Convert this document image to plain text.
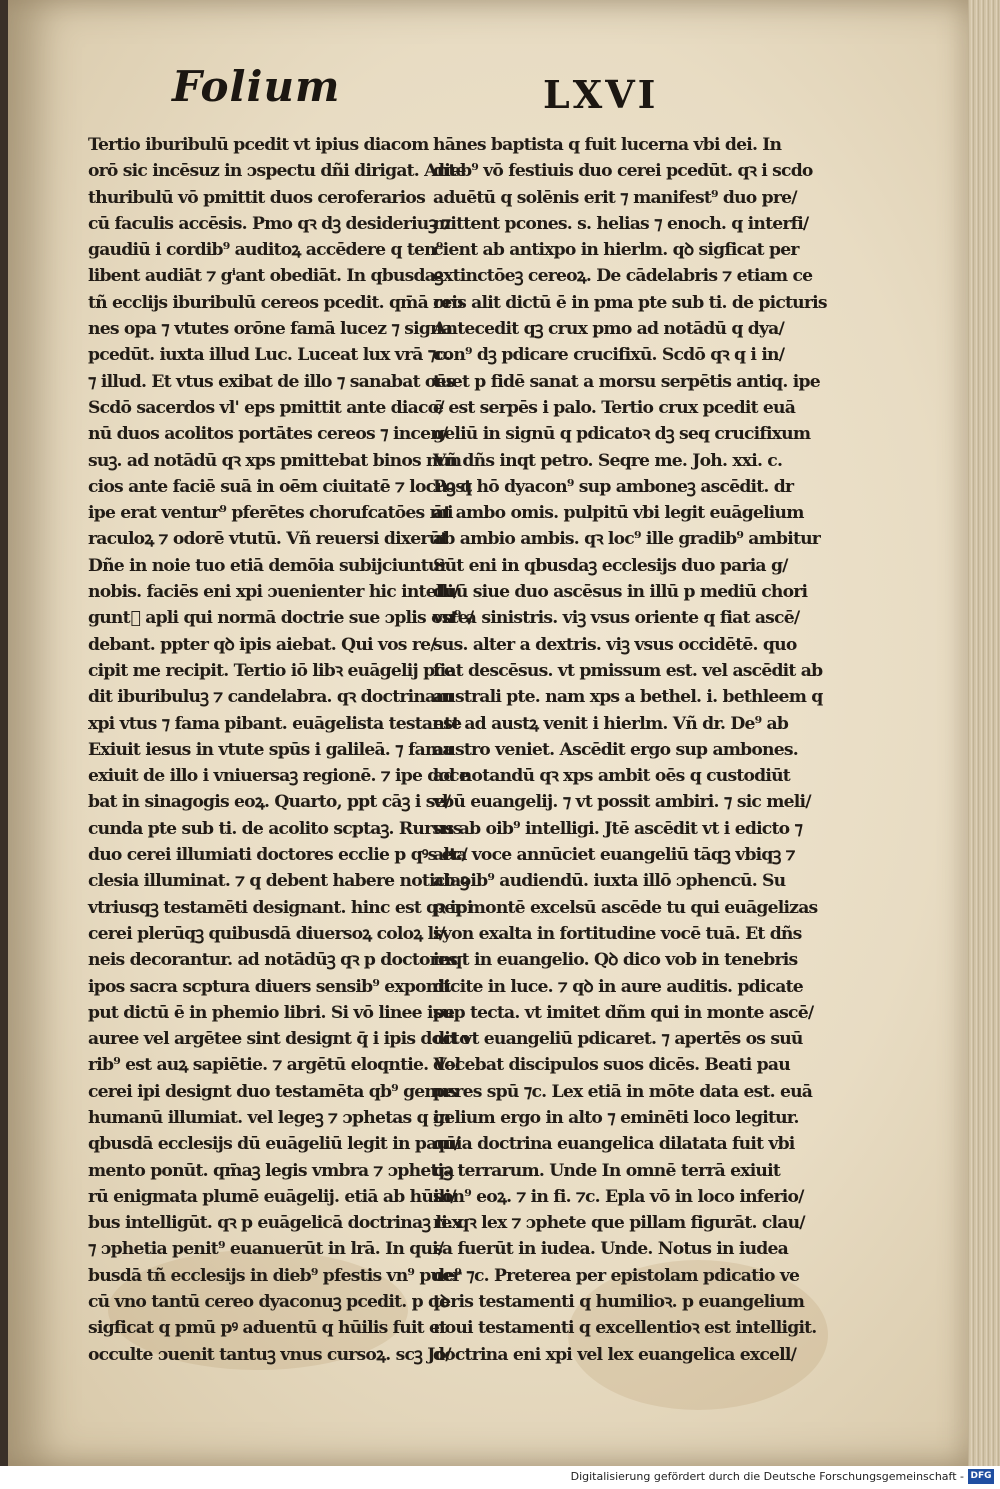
Folium	LXVI
Tertio iburibulū pcedit vt ipius diacom
orō sic incēsuz in ɔspectu dñi dirigat. Ante
thuribulū vō pmittit duos ceroferarios
cū faculis accēsis. Pmo qꝛ dꝫ desideriuꝫ ⁊
gaudiū i cordib⁹ auditoꝝ accēdere q ten⁹
libent audiāt ⁊ gⁱant obediāt. In qbusdaꝫ
tñ ecclijs iburibulū cereos pcedit. qm̄ā oro
nes opa ⁊ vtutes orōne famā lucez ⁊ signa
pcedūt. iuxta illud Luc. Luceat lux vrā ⁊c.
⁊ illud. Et vtus exibat de illo ⁊ sanabat oēs
Scdō sacerdos vl' eps pmittit ante diaco/
nū duos acolitos portātes cereos ⁊ incen/
suꝫ. ad notādū qꝛ xps pmittebat binos nun
cios ante faciē suā in oēm ciuitatē ⁊ locuꝫ q
ipe erat ventur⁹ pferētes chorufcatōes mi
raculoꝝ ⁊ odorē vtutū. Vñ reuersi dixerūt
Dñe in noie tuo etiā demōia subijciuntur
nobis. faciēs eni xpi ɔuenienter hic intelli/
guntᷓ apli qui normā doctrie sue ɔplis oste/
debant. ppter qꝺ ipis aiebat. Qui vos re/
cipit me recipit. Tertio iō libꝛ euāgelij pce
dit iburibuluꝫ ⁊ candelabra. qꝛ doctrinam
xpi vtus ⁊ fama pibant. euāgelista testante
Exiuit iesus in vtute spūs i galileā. ⁊ fama
exiuit de illo i vniuersaꝫ regionē. ⁊ ipe doce
bat in sinagogis eoꝝ. Quarto, ppt cāꝫ i se/
cunda pte sub ti. de acolito scptaꝫ. Rursus
duo cerei illumiati doctores ecclie p qꝰs ec/
clesia illuminat. ⁊ q debent habere noticiaꝫ
vtriusqꝫ testamēti designant. hinc est qꝛ ipi
cerei plerūqꝫ quibusdā diuersoꝝ coloꝝ li/
neis decorantur. ad notādūꝫ qꝛ p doctores
ipos sacra scptura diuers sensib⁹ exponit
put dictū ē in phemio libri. Si vō linee ipe
auree vel argētee sint designt q̄ i ipis docto
rib⁹ est auꝝ sapiētie. ⁊ argētū eloqntie. Vel
cerei ipi designt duo testamēta qb⁹ genus
humanū illumiat. vel legeꝫ ⁊ ɔphetas q in
qbusdā ecclesijs dū euāgeliū legit in pauī/
mento ponūt. qm̄aꝫ legis vmbra ⁊ ɔphetia
rū enigmata plumē euāgelij. etiā ab hūili/
bus intelligūt. qꝛ p euāgelicā doctrinaꝫ lex
⁊ ɔphetia penit⁹ euanuerūt in lrā. In qui/
busdā tñ ecclesijs in dieb⁹ pfestis vn⁹ puer
cū vno tantū cereo dyaconuꝫ pcedit. p qꝺ
sigficat q pmū pꝰ aduentū q hūilis fuit et
occulte ɔuenit tantuꝫ vnus cursoꝝ. scꝫ Jo/
hānes baptista q fuit lucerna vbi dei. In
dieb⁹ vō festiuis duo cerei pcedūt. qꝛ i scdo
aduētū q solēnis erit ⁊ manifest⁹ duo pre/
mittent pcones. s. helias ⁊ enoch. q interfi/
cient ab antixpo in hierlm. qꝺ sigficat per
extinctōeꝫ cereoꝝ. De cādelabris ⁊ etiam ce
reis alit dictū ē in pma pte sub ti. de picturis
Antecedit qꝫ crux pmo ad notādū q dya/
con⁹ dꝫ pdicare crucifixū. Scdō qꝛ q i in/
tuet p fidē sanat a morsu serpētis antiq. ipe
ē est serpēs i palo. Tertio crux pcedit euā
geliū in signū q pdicatoꝛ dꝫ seq crucifixum
Vñ dñs inqt petro. Seqre me. Joh. xxi. c.
Post hō dyacon⁹ sup amboneꝫ ascēdit. dr
āt ambo omis. pulpitū vbi legit euāgelium
ab ambio ambis. qꝛ loc⁹ ille gradib⁹ ambitur
Sūt eni in qbusdaꝫ ecclesijs duo paria g/
duū siue duo ascēsus in illū p mediū chori
vn⁹ a sinistris. viꝫ vsus oriente q fiat ascē/
sus. alter a dextris. viꝫ vsus occidētē. quo
fiat descēsus. vt pmissum est. vel ascēdit ab
australi pte. nam xps a bethel. i. bethleem q
est ad austꝝ venit i hierlm. Vñ dr. De⁹ ab
austro veniet. Ascēdit ergo sup ambones.
ad notandū qꝛ xps ambit oēs q custodiūt
vbū euangelij. ⁊ vt possit ambiri. ⁊ sic meli/
us ab oib⁹ intelligi. Jtē ascēdit vt i edicto ⁊
alta voce annūciet euangeliū tāqꝫ vbiqꝫ ⁊
ab oib⁹ audiendū. iuxta illō ɔphencū. Su
per montē excelsū ascēde tu qui euāgelizas
syon exalta in fortitudine vocē tuā. Et dñs
inqt in euangelio. Qꝺ dico vob in tenebris
dicite in luce. ⁊ qꝺ in aure auditis. pdicate
sup tecta. vt imitet dñm qui in monte ascē/
dit vt euangeliū pdicaret. ⁊ apertēs os suū
docebat discipulos suos dicēs. Beati pau
peres spū ⁊c. Lex etiā in mōte data est. euā
gelium ergo in alto ⁊ eminēti loco legitur.
quia doctrina euangelica dilatata fuit vbi
qꝫ terrarum. Unde In omnē terrā exiuit
son⁹ eoꝝ. ⁊ in fi. ⁊c. Epla vō in loco inferio/
ri. qꝛ lex ⁊ ɔphete que pillam figurāt. clau/
sa fuerūt in iudea. Unde. Notus in iudea
de⁹ ⁊c. Preterea per epistolam pdicatio ve
teris testamenti q humilioꝛ. p euangelium
noui testamenti q excellentioꝛ est intelligit.
doctrina eni xpi vel lex euangelica excell/
Digitalisierung gefördert durch die Deutsche Forschungsgemeinschaft - DFG
